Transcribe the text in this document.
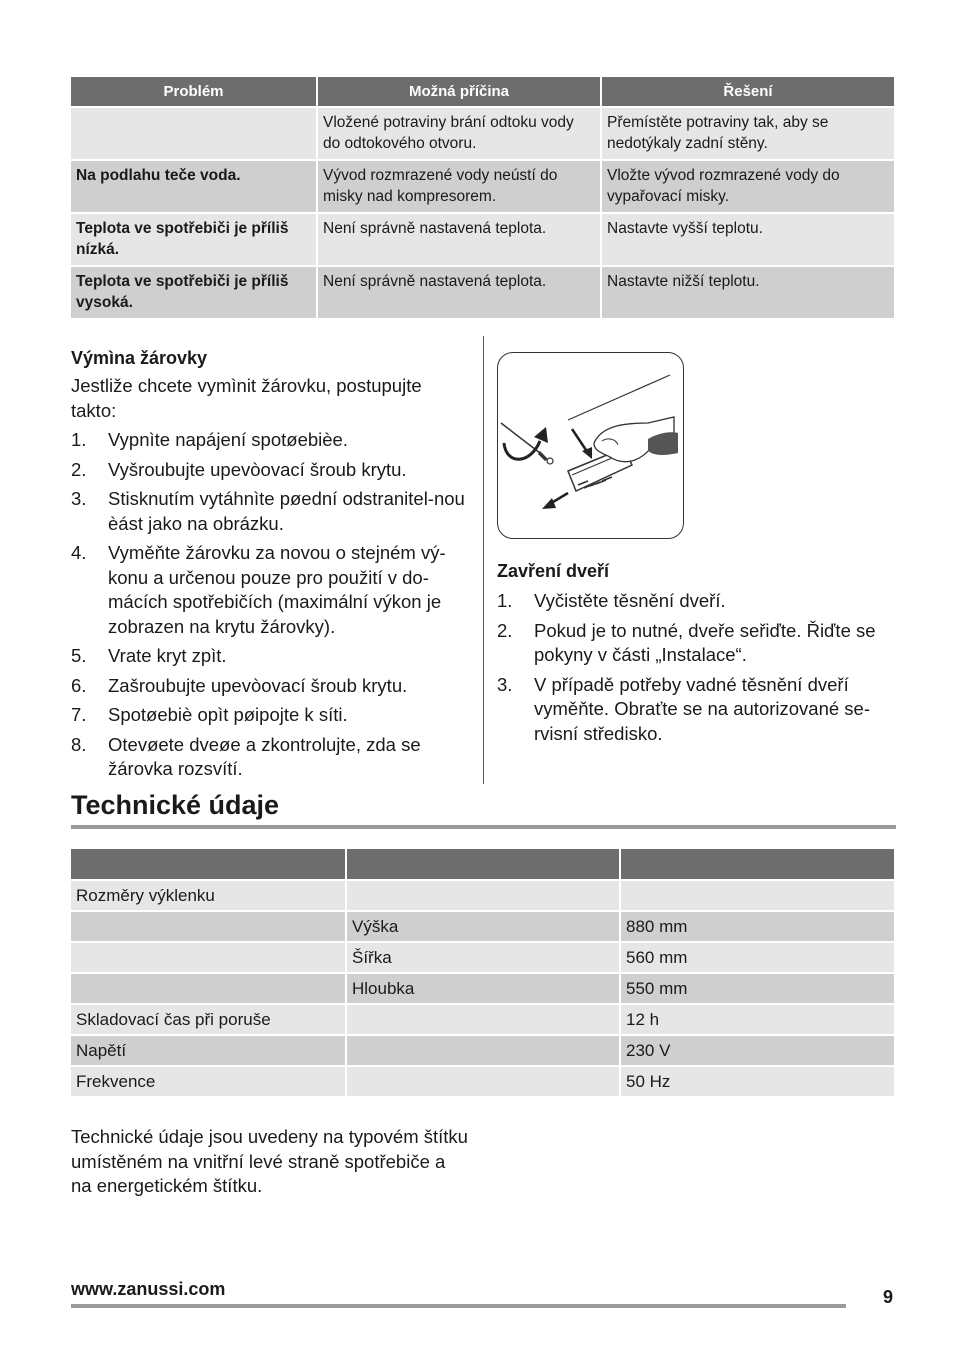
Problém	Možná příčina	Řešení
	Vložené potraviny brání odtoku vody do odtokového otvoru.	Přemístěte potraviny tak, aby se nedotýkaly zadní stěny.
Na podlahu teče voda.	Vývod rozmrazené vody neústí do misky nad kompresorem.	Vložte vývod rozmrazené vody do vypařovací misky.
Teplota ve spotřebiči je příliš nízká.	Není správně nastavená teplota.	Nastavte vyšší teplotu.
Teplota ve spotřebiči je příliš vysoká.	Není správně nastavená teplota.	Nastavte nižší teplotu.
Výmìna žárovky

Jestliže chcete vymìnit žárovku, postupujte takto:

1. Vypnìte napájení spotøebièe.
2. Vyšroubujte upevòovací šroub krytu.
3. Stisknutím vytáhnìte pøední odstranitel-nou èást jako na obrázku.
4. Vyměňte žárovku za novou o stejném vý-konu a určenou pouze pro použití v do-mácích spotřebičích (maximální výkon je zobrazen na krytu žárovky).
5. Vrate kryt zpìt.
6. Zašroubujte upevòovací šroub krytu.
7. Spotøebiè opìt pøipojte k síti.
8. Otevøete dveøe a zkontrolujte, zda se žárovka rozsvítí.
Zavření dveří
1. Vyčistěte těsnění dveří.
2. Pokud je to nutné, dveře seřiďte. Řiďte se pokyny v části „Instalace“.
3. V případě potřeby vadné těsnění dveří vyměňte. Obraťte se na autorizované se-rvisní středisko.
Technické údaje

Rozměry výklenku		
	Výška	880 mm
	Šířka	560 mm
	Hloubka	550 mm
Skladovací čas při poruše		12 h
Napětí		230 V
Frekvence		50 Hz

Technické údaje jsou uvedeny na typovém štítku umístěném na vnitřní levé straně spotřebiče a na energetickém štítku.

www.zanussi.com	9
